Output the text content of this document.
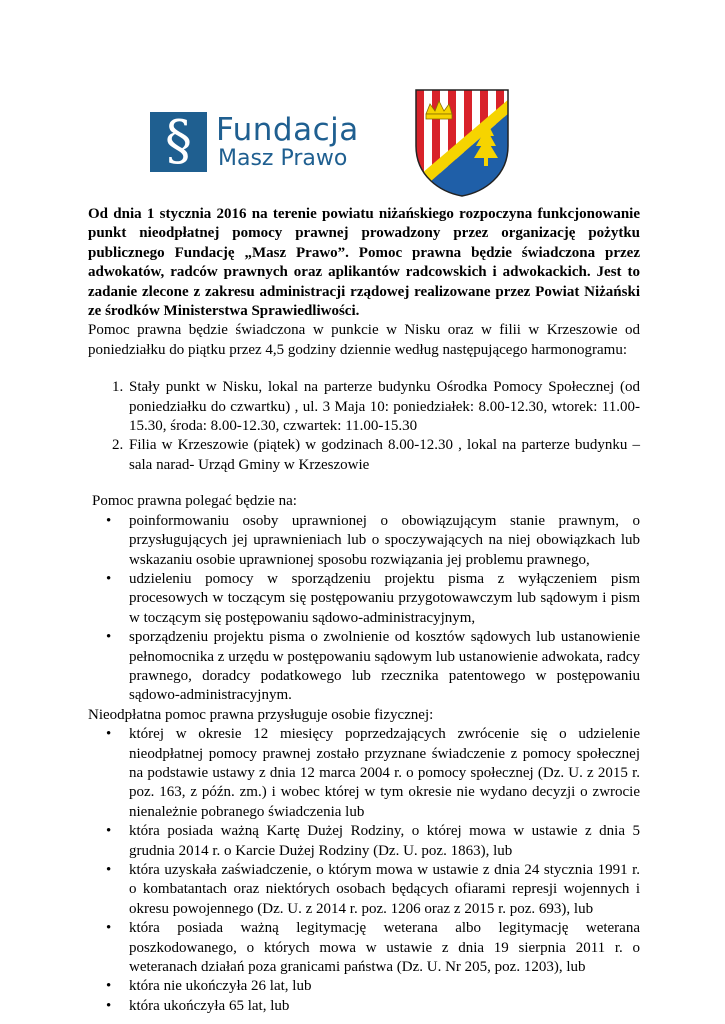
§ Fundacja
Masz Prawo

Od dnia 1 stycznia 2016 na terenie powiatu niżańskiego rozpoczyna funkcjonowanie punkt nieodpłatnej pomocy prawnej prowadzony przez organizację pożytku publicznego Fundację „Masz Prawo”. Pomoc prawna będzie świadczona przez adwokatów, radców prawnych oraz aplikantów radcowskich i adwokackich. Jest to zadanie zlecone z zakresu administracji rządowej realizowane przez Powiat Niżański ze środków Ministerstwa Sprawiedliwości.

Pomoc prawna będzie świadczona w punkcie w Nisku oraz w filii w Krzeszowie od poniedziałku do piątku przez 4,5 godziny dziennie według następującego harmonogramu:

1. Stały punkt w Nisku, lokal na parterze budynku Ośrodka Pomocy Społecznej (od poniedziałku do czwartku) , ul. 3 Maja 10: poniedziałek: 8.00-12.30, wtorek: 11.00-15.30, środa: 8.00-12.30, czwartek: 11.00-15.30
2. Filia w Krzeszowie (piątek) w godzinach 8.00-12.30 , lokal na parterze budynku – sala narad- Urząd Gminy w Krzeszowie

Pomoc prawna polegać będzie na:

• poinformowaniu osoby uprawnionej o obowiązującym stanie prawnym, o przysługujących jej uprawnieniach lub o spoczywających na niej obowiązkach lub wskazaniu osobie uprawnionej sposobu rozwiązania jej problemu prawnego,
• udzieleniu pomocy w sporządzeniu projektu pisma z wyłączeniem pism procesowych w toczącym się postępowaniu przygotowawczym lub sądowym i pism w toczącym się postępowaniu sądowo-administracyjnym,
• sporządzeniu projektu pisma o zwolnienie od kosztów sądowych lub ustanowienie pełnomocnika z urzędu w postępowaniu sądowym lub ustanowienie adwokata, radcy prawnego, doradcy podatkowego lub rzecznika patentowego w postępowaniu sądowo-administracyjnym.

Nieodpłatna pomoc prawna przysługuje osobie fizycznej:

• której w okresie 12 miesięcy poprzedzających zwrócenie się o udzielenie nieodpłatnej pomocy prawnej zostało przyznane świadczenie z pomocy społecznej na podstawie ustawy z dnia 12 marca 2004 r. o pomocy społecznej (Dz. U. z 2015 r. poz. 163, z późn. zm.) i wobec której w tym okresie nie wydano decyzji o zwrocie nienależnie pobranego świadczenia lub
• która posiada ważną Kartę Dużej Rodziny, o której mowa w ustawie z dnia 5 grudnia 2014 r. o Karcie Dużej Rodziny (Dz. U. poz. 1863), lub
• która uzyskała zaświadczenie, o którym mowa w ustawie z dnia 24 stycznia 1991 r. o kombatantach oraz niektórych osobach będących ofiarami represji wojennych i okresu powojennego (Dz. U. z 2014 r. poz. 1206 oraz z 2015 r. poz. 693), lub
• która posiada ważną legitymację weterana albo legitymację weterana poszkodowanego, o których mowa w ustawie z dnia 19 sierpnia 2011 r. o weteranach działań poza granicami państwa (Dz. U. Nr 205, poz. 1203), lub
• która nie ukończyła 26 lat, lub
• która ukończyła 65 lat, lub
